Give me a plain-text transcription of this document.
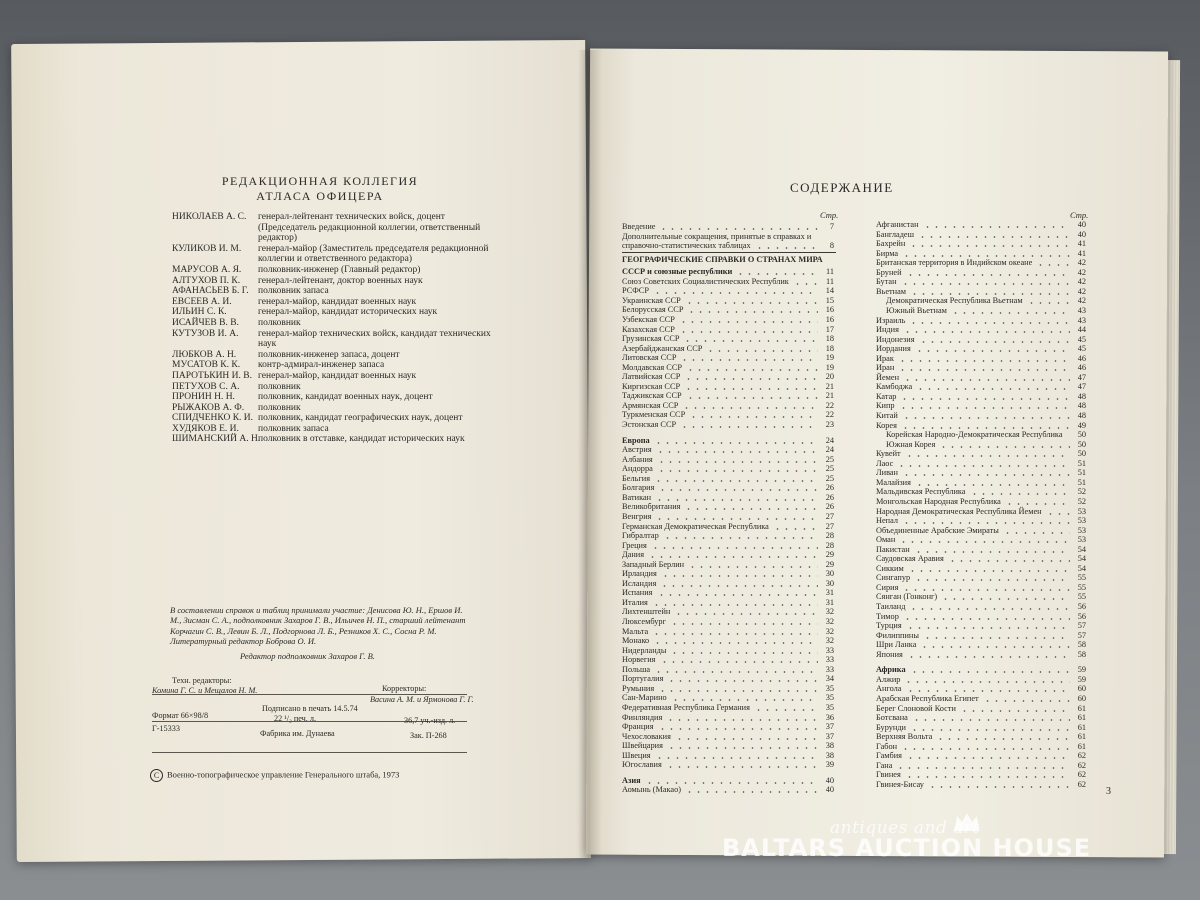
РЕДАКЦИОННАЯ КОЛЛЕГИЯ
АТЛАСА ОФИЦЕРА
НИКОЛАЕВ А. С.	генерал-лейтенант технических войск, доцент (Председатель редакционной коллегии, ответственный редактор)
КУЛИКОВ И. М.	генерал-майор (Заместитель председателя редакционной коллегии и ответственного редактора)
МАРУСОВ А. Я.	полковник-инженер (Главный редактор)
АЛТУХОВ П. К.	генерал-лейтенант, доктор военных наук
АФАНАСЬЕВ Б. Г. полковник запаса
ЕВСЕЕВ А. И.	генерал-майор, кандидат военных наук
ИЛЬИН С. К.	генерал-майор, кандидат исторических наук
ИСАЙЧЕВ В. В.	полковник
КУТУЗОВ И. А.	генерал-майор технических войск, кандидат технических наук
ЛЮБКОВ А. Н.	полковник-инженер запаса, доцент
МУСАТОВ К. К.	контр-адмирал-инженер запаса
ПАРОТЬКИН И. В. генерал-майор, кандидат военных наук
ПЕТУХОВ С. А.	полковник
ПРОНИН Н. Н.	полковник, кандидат военных наук, доцент
РЫЖАКОВ А. Ф.	полковник
СПИДЧЕНКО К. И. полковник, кандидат географических наук, доцент
ХУДЯКОВ Е. И.	полковник запаса
ШИМАНСКИЙ А. Н.
полковник в отставке, кандидат исторических наук
В составлении справок и таблиц принимали участие: Денисова Ю. Н., Ершов И. М., Зисман С. А., подполковник Захаров Г. В., Ильичев Н. П., старший лейтенант Корчагин С. В., Левин Б. Л., Подгорнова Л. Б., Резников Х. С., Сосна Р. М. Литературный редактор Боброва О. И.
Редактор подполковник Захаров Г. В.
Техн. редакторы:
Комина Г. С. и Мещалов Н. М.	Корректоры:
Васина А. М. и Ярмонова Г. Г.
Формат 66×98/8
Подписано в печать 14.5.74
22 ¹/₂ печ. л.	36,7 уч.-изд. л.
Г-15333
Фабрика им. Дунаева	Зак. П-268
C Военно-топографическое управление Генерального штаба, 1973
СОДЕРЖАНИЕ
Стр.	Стр.
Введение	7
Дополнительные сокращения, принятые в справках и
справочно-статистических таблицах	8
ГЕОГРАФИЧЕСКИЕ СПРАВКИ О СТРАНАХ МИРА
СССР и союзные республики	11
Союз Советских Социалистических Республик	11
РСФСР	14
Украинская ССР	15
Белорусская ССР	16
Узбекская ССР	16
Казахская ССР	17
Грузинская ССР	18
Азербайджанская ССР	18
Литовская ССР	19
Молдавская ССР	19
Латвийская ССР	20
Киргизская ССР	21
Таджикская ССР	21
Армянская ССР	22
Туркменская ССР	22
Эстонская ССР	23
Европа	24
Австрия	24
Албания	25
Андорра	25
Бельгия	25
Болгария	26
Ватикан	26
Великобритания	26
Венгрия	27
Германская Демократическая Республика	27
Гибралтар	28
Греция	28
Дания	29
Западный Берлин	29
Ирландия	30
Исландия	30
Испания	31
Италия	31
Лихтенштейн	32
Люксембург	32
Мальта	32
Монако	32
Нидерланды	33
Норвегия	33
Польша	33
Португалия	34
Румыния	35
Сан-Марино	35
Федеративная Республика Германия	35
Финляндия	36
Франция	37
Чехословакия	37
Швейцария	38
Швеция	38
Югославия	39
Азия	40
Аомынь (Макао)	40
Афганистан	40
Бангладеш	40
Бахрейн	41
Бирма	41
Британская территория в Индийском океане	42
Бруней	42
Бутан	42
Вьетнам	42
Демократическая Республика Вьетнам	42
Южный Вьетнам	43
Израиль	43
Индия	44
Индонезия	45
Иордания	45
Ирак	46
Иран	46
Йемен	47
Камбоджа	47
Катар	48
Кипр	48
Китай	48
Корея	49
Корейская Народно-Демократическая Республика	50
Южная Корея	50
Кувейт	50
Лаос	51
Ливан	51
Малайзия	51
Мальдивская Республика	52
Монгольская Народная Республика	52
Народная Демократическая Республика Йемен	53
Непал	53
Объединенные Арабские Эмираты	53
Оман	53
Пакистан	54
Саудовская Аравия	54
Сикким	54
Сингапур	55
Сирия	55
Сянган (Гонконг)	55
Таиланд	56
Тимор	56
Турция	57
Филиппины	57
Шри Ланка	58
Япония	58
Африка	59
Алжир	59
Ангола	60
Арабская Республика Египет	60
Берег Слоновой Кости	61
Ботсвана	61
Бурунди	61
Верхняя Вольта	61
Габон	61
Гамбия	62
Гана	62
Гвинея	62
Гвинея-Бисау	62
3
antiques and art
BALTARS AUCTION HOUSE
